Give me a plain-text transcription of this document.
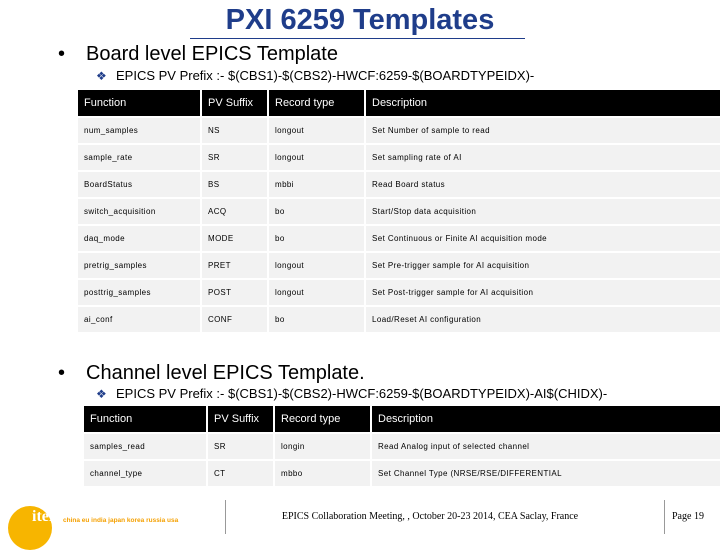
PXI 6259 Templates
• Board level EPICS Template
❖ EPICS PV Prefix :- $(CBS1)-$(CBS2)-HWCF:6259-$(BOARDTYPEIDX)-
Function	PV Suffix	Record type	Description
num_samples	NS	longout	Set Number of sample to read
sample_rate	SR	longout	Set sampling rate of AI
BoardStatus	BS	mbbi	Read Board status
switch_acquisition	ACQ	bo	Start/Stop data acquisition
daq_mode	MODE	bo	Set Continuous or Finite AI acquisition mode
pretrig_samples	PRET	longout	Set Pre-trigger sample for AI acquisition
posttrig_samples	POST	longout	Set Post-trigger sample for AI acquisition
ai_conf	CONF	bo	Load/Reset AI configuration
• Channel level EPICS Template.
❖ EPICS PV Prefix :- $(CBS1)-$(CBS2)-HWCF:6259-$(BOARDTYPEIDX)-AI$(CHIDX)-
Function	PV Suffix	Record type	Description
samples_read	SR	longin	Read Analog input of selected channel
channel_type	CT	mbbo	Set Channel Type (NRSE/RSE/DIFFERENTIAL
iter china eu india japan korea russia usa	EPICS Collaboration Meeting, , October 20-23 2014, CEA Saclay, France	Page 19
